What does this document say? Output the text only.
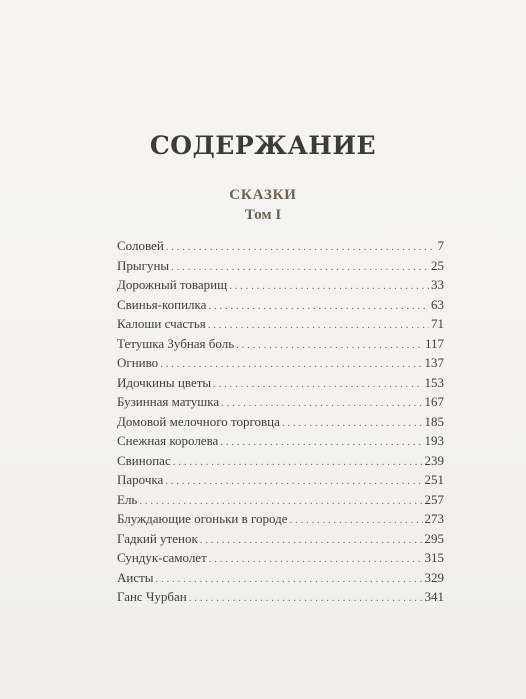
СОДЕРЖАНИЕ
СКАЗКИ
Том I
Соловей . . .	7
Прыгуны . . .	25
Дорожный товарищ . . .	33
Свинья-копилка . . .	63
Калоши счастья . . .	71
Тетушка Зубная боль . . .	117
Огниво . . .	137
Идочкины цветы . . .	153
Бузинная матушка . . .	167
Домовой мелочного торговца . . .	185
Снежная королева . . .	193
Свинопас . . .	239
Парочка . . .	251
Ель . . .	257
Блуждающие огоньки в городе . . .	273
Гадкий утенок . . .	295
Сундук-самолет . . .	315
Аисты . . .	329
Ганс Чурбан . . .	341
